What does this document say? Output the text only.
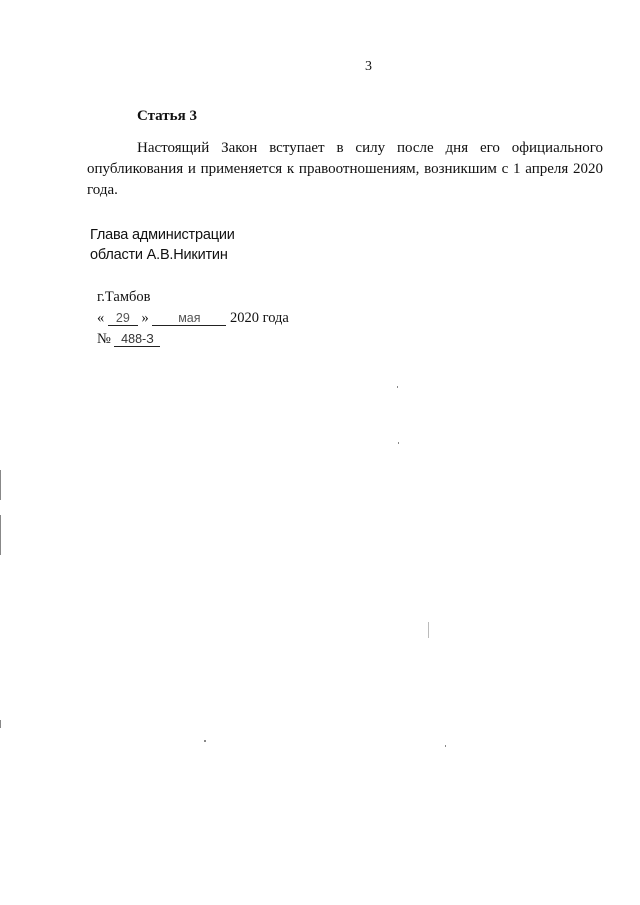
3
Статья 3
Настоящий Закон вступает в силу после дня его официального опубликования и применяется к правоотношениям, возникшим с 1 апреля 2020 года.
Глава администрации
области А.В.Никитин
г.Тамбов
« 29 » мая 2020 года
№ 488-З
